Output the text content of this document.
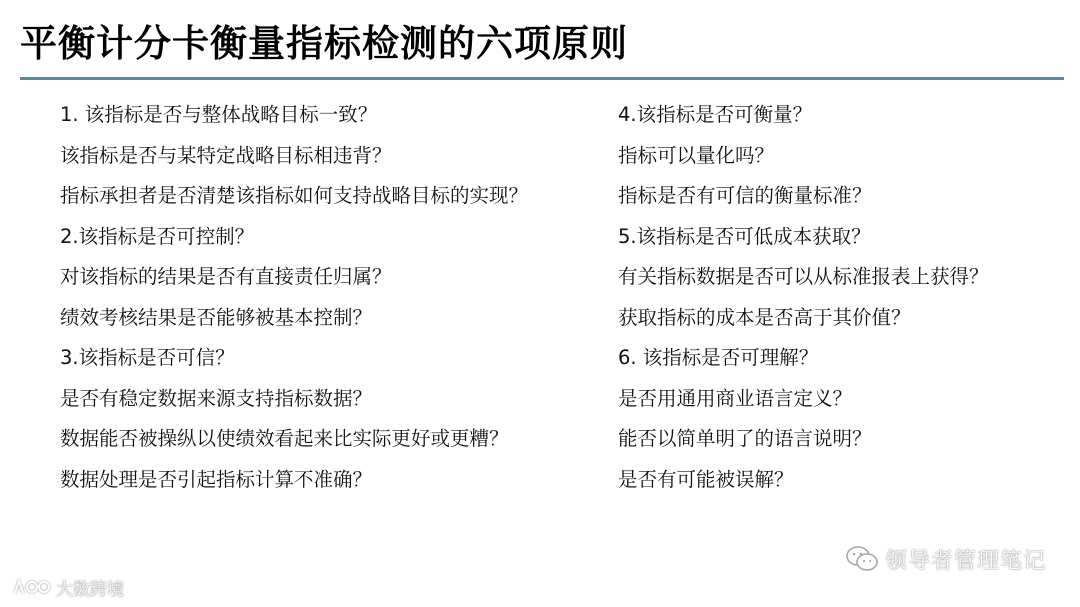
平衡计分卡衡量指标检测的六项原则
1. 该指标是否与整体战略目标一致？
该指标是否与某特定战略目标相违背？
指标承担者是否清楚该指标如何支持战略目标的实现？
2.该指标是否可控制？
对该指标的结果是否有直接责任归属？
绩效考核结果是否能够被基本控制？
3.该指标是否可信？
是否有稳定数据来源支持指标数据？
数据能否被操纵以使绩效看起来比实际更好或更糟？
数据处理是否引起指标计算不准确？
4.该指标是否可衡量？
指标可以量化吗？
指标是否有可信的衡量标准？
5.该指标是否可低成本获取？
有关指标数据是否可以从标准报表上获得？
获取指标的成本是否高于其价值？
6. 该指标是否可理解？
是否用通用商业语言定义？
能否以简单明了的语言说明？
是否有可能被误解？
大数跨境
领导者管理笔记
